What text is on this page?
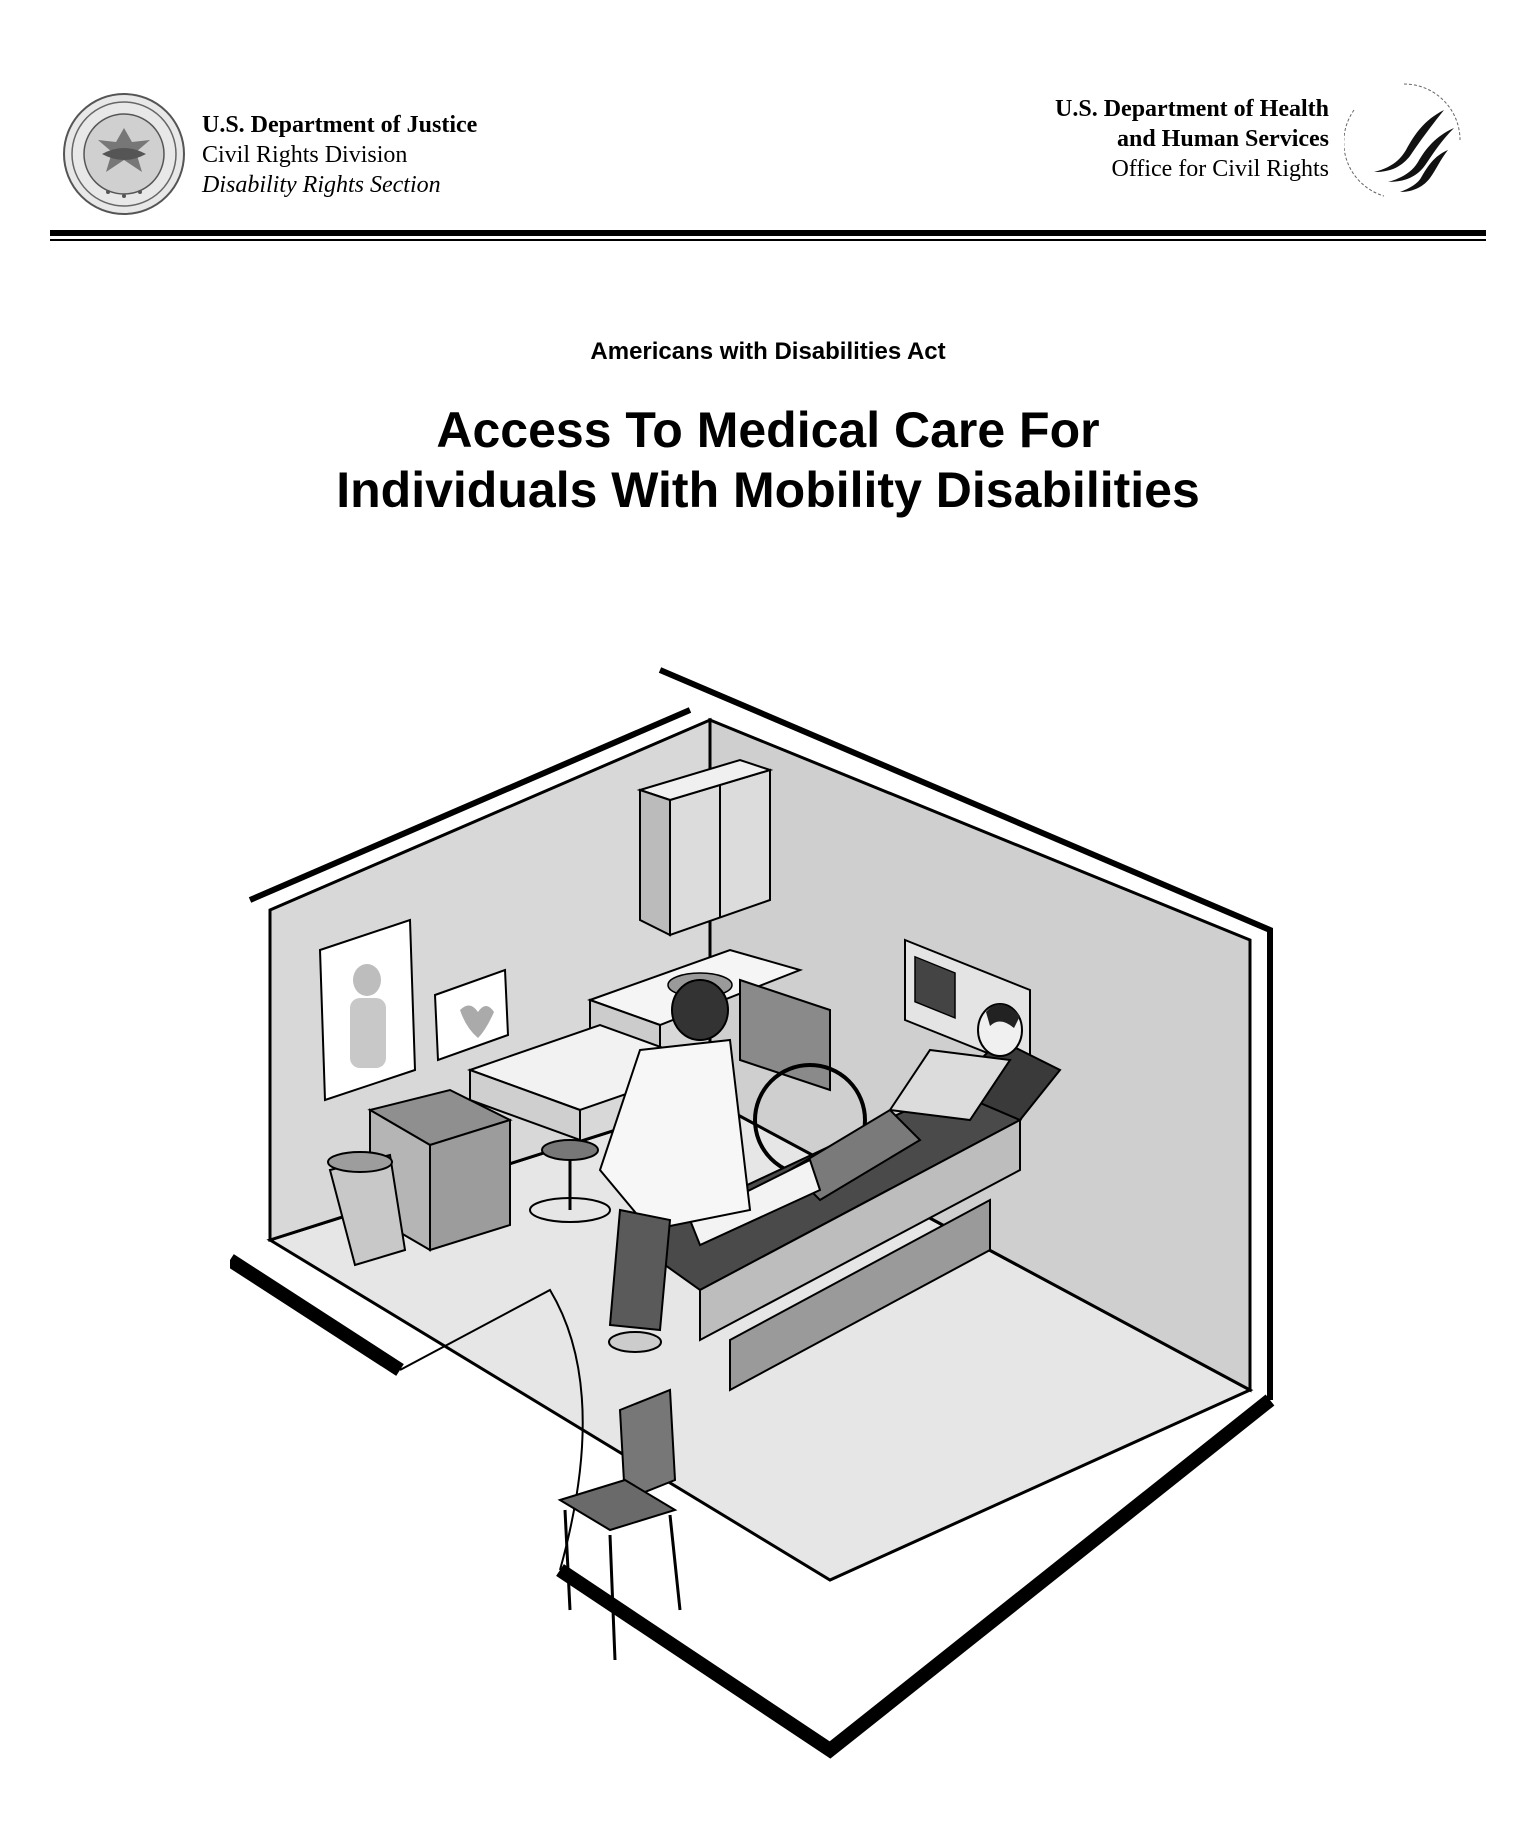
U.S. Department of Justice
Civil Rights Division
Disability Rights Section
U.S. Department of Health
and Human Services
Office for Civil Rights
Americans with Disabilities Act
Access To Medical Care For
Individuals With Mobility Disabilities
